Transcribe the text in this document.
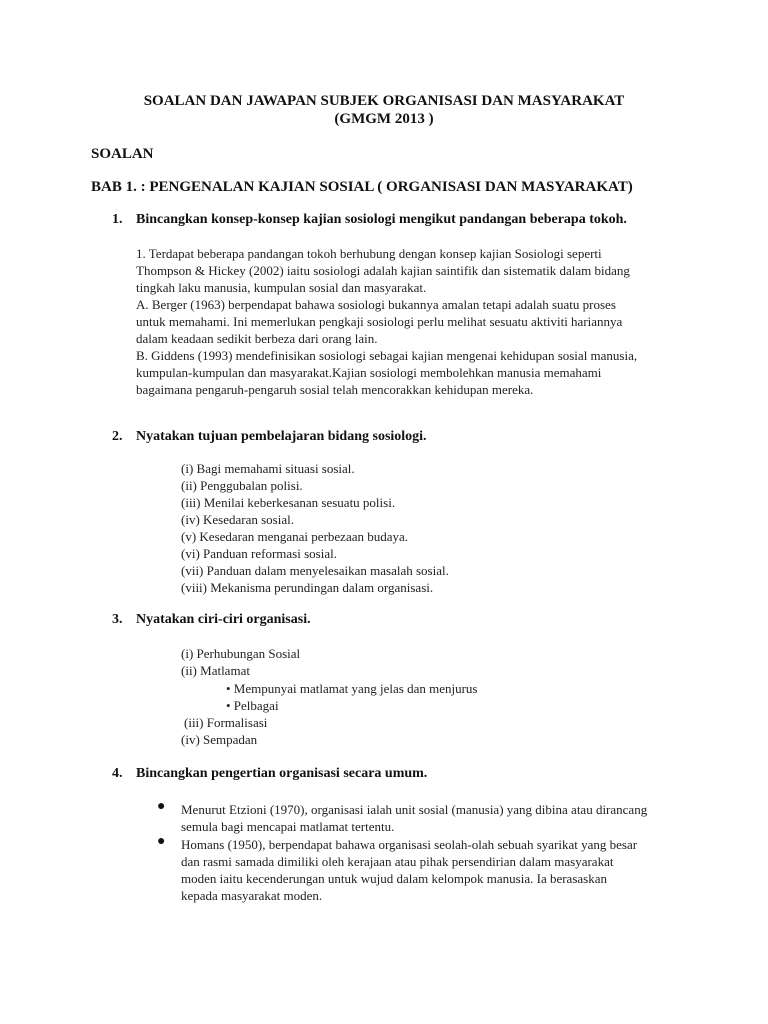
SOALAN DAN JAWAPAN SUBJEK ORGANISASI DAN MASYARAKAT
(GMGM 2013 )
SOALAN
BAB 1. : PENGENALAN KAJIAN SOSIAL ( ORGANISASI DAN MASYARAKAT)
1. Bincangkan konsep-konsep kajian sosiologi mengikut pandangan beberapa tokoh.
1. Terdapat beberapa pandangan tokoh berhubung dengan konsep kajian Sosiologi seperti
Thompson & Hickey (2002) iaitu sosiologi adalah kajian saintifik dan sistematik dalam bidang
tingkah laku manusia, kumpulan sosial dan masyarakat.
A. Berger (1963) berpendapat bahawa sosiologi bukannya amalan tetapi adalah suatu proses
untuk memahami. Ini memerlukan pengkaji sosiologi perlu melihat sesuatu aktiviti hariannya
dalam keadaan sedikit berbeza dari orang lain.
B. Giddens (1993) mendefinisikan sosiologi sebagai kajian mengenai kehidupan sosial manusia,
kumpulan-kumpulan dan masyarakat.Kajian sosiologi membolehkan manusia memahami
bagaimana pengaruh-pengaruh sosial telah mencorakkan kehidupan mereka.
2. Nyatakan tujuan pembelajaran bidang sosiologi.
(i) Bagi memahami situasi sosial.
(ii) Penggubalan polisi.
(iii) Menilai keberkesanan sesuatu polisi.
(iv) Kesedaran sosial.
(v) Kesedaran menganai perbezaan budaya.
(vi) Panduan reformasi sosial.
(vii) Panduan dalam menyelesaikan masalah sosial.
(viii) Mekanisma perundingan dalam organisasi.
3. Nyatakan ciri-ciri organisasi.
(i) Perhubungan Sosial
(ii) Matlamat
• Mempunyai matlamat yang jelas dan menjurus
• Pelbagai
(iii) Formalisasi
(iv) Sempadan
4. Bincangkan pengertian organisasi secara umum.
● Menurut Etzioni (1970), organisasi ialah unit sosial (manusia) yang dibina atau dirancang
semula bagi mencapai matlamat tertentu.
● Homans (1950), berpendapat bahawa organisasi seolah-olah sebuah syarikat yang besar
dan rasmi samada dimiliki oleh kerajaan atau pihak persendirian dalam masyarakat
moden iaitu kecenderungan untuk wujud dalam kelompok manusia. Ia berasaskan
kepada masyarakat moden.
